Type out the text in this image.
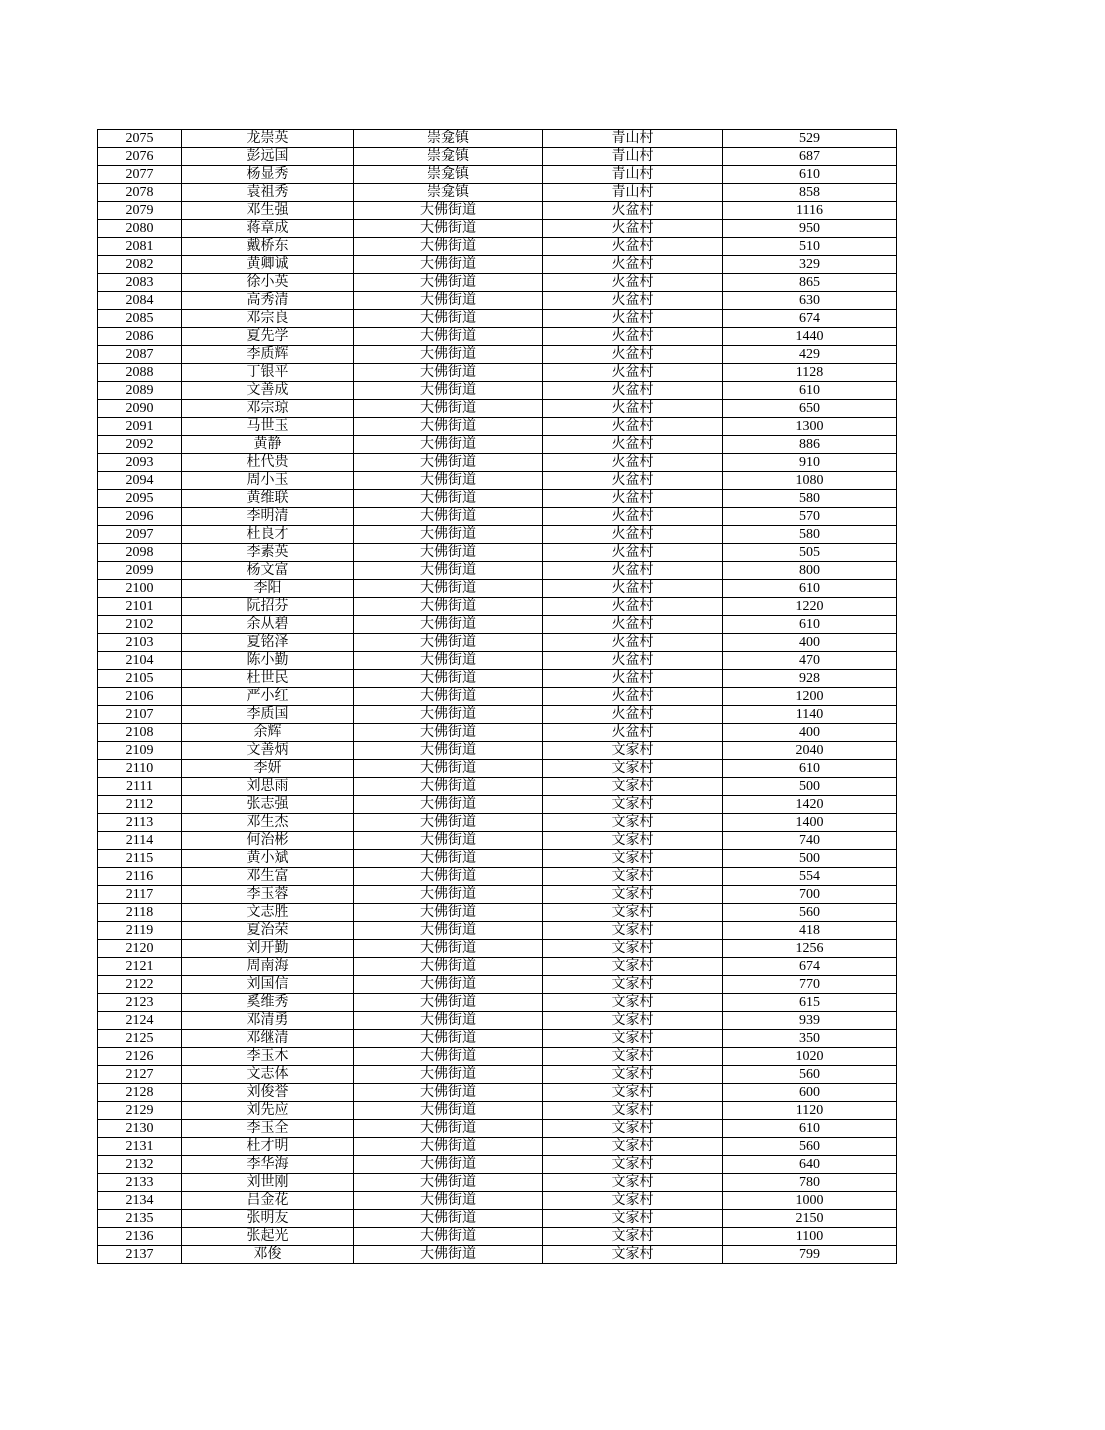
2075	龙崇英	崇龛镇	青山村	529
2076	彭远国	崇龛镇	青山村	687
2077	杨显秀	崇龛镇	青山村	610
2078	袁祖秀	崇龛镇	青山村	858
2079	邓生强	大佛街道	火盆村	1116
2080	蒋章成	大佛街道	火盆村	950
2081	戴桥东	大佛街道	火盆村	510
2082	黄卿诚	大佛街道	火盆村	329
2083	徐小英	大佛街道	火盆村	865
2084	高秀清	大佛街道	火盆村	630
2085	邓宗良	大佛街道	火盆村	674
2086	夏先学	大佛街道	火盆村	1440
2087	李质辉	大佛街道	火盆村	429
2088	丁银平	大佛街道	火盆村	1128
2089	文善成	大佛街道	火盆村	610
2090	邓宗琼	大佛街道	火盆村	650
2091	马世玉	大佛街道	火盆村	1300
2092	黄静	大佛街道	火盆村	886
2093	杜代贵	大佛街道	火盆村	910
2094	周小玉	大佛街道	火盆村	1080
2095	黄维联	大佛街道	火盆村	580
2096	李明清	大佛街道	火盆村	570
2097	杜良才	大佛街道	火盆村	580
2098	李素英	大佛街道	火盆村	505
2099	杨文富	大佛街道	火盆村	800
2100	李阳	大佛街道	火盆村	610
2101	阮招芬	大佛街道	火盆村	1220
2102	余从碧	大佛街道	火盆村	610
2103	夏铭泽	大佛街道	火盆村	400
2104	陈小勤	大佛街道	火盆村	470
2105	杜世民	大佛街道	火盆村	928
2106	严小红	大佛街道	火盆村	1200
2107	李质国	大佛街道	火盆村	1140
2108	余辉	大佛街道	火盆村	400
2109	文善炳	大佛街道	文家村	2040
2110	李妍	大佛街道	文家村	610
2111	刘思雨	大佛街道	文家村	500
2112	张志强	大佛街道	文家村	1420
2113	邓生杰	大佛街道	文家村	1400
2114	何治彬	大佛街道	文家村	740
2115	黄小斌	大佛街道	文家村	500
2116	邓生富	大佛街道	文家村	554
2117	李玉蓉	大佛街道	文家村	700
2118	文志胜	大佛街道	文家村	560
2119	夏治荣	大佛街道	文家村	418
2120	刘开勤	大佛街道	文家村	1256
2121	周南海	大佛街道	文家村	674
2122	刘国信	大佛街道	文家村	770
2123	奚维秀	大佛街道	文家村	615
2124	邓清勇	大佛街道	文家村	939
2125	邓继清	大佛街道	文家村	350
2126	李玉木	大佛街道	文家村	1020
2127	文志体	大佛街道	文家村	560
2128	刘俊誉	大佛街道	文家村	600
2129	刘先应	大佛街道	文家村	1120
2130	李玉全	大佛街道	文家村	610
2131	杜才明	大佛街道	文家村	560
2132	李华海	大佛街道	文家村	640
2133	刘世刚	大佛街道	文家村	780
2134	吕金花	大佛街道	文家村	1000
2135	张明友	大佛街道	文家村	2150
2136	张起光	大佛街道	文家村	1100
2137	邓俊	大佛街道	文家村	799
